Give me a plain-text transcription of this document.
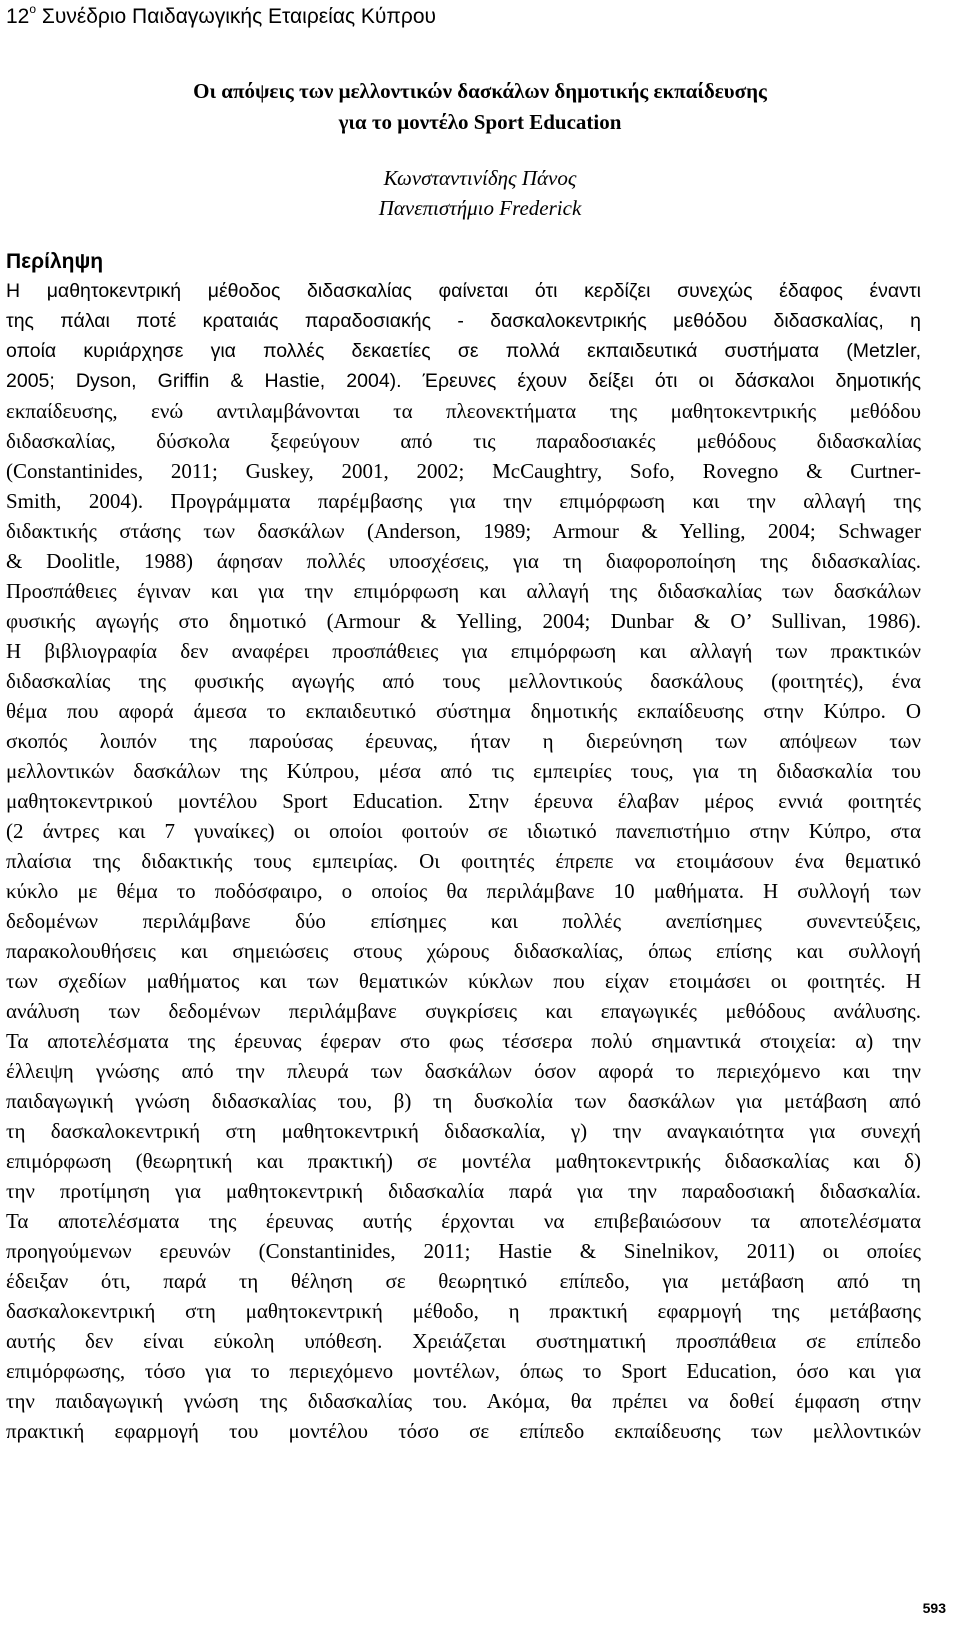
$12^o$ Συνέδριο Παιδαγωγικής Εταιρείας Κύπρου
Οι απόψεις των μελλοντικών δασκάλων δημοτικής εκπαίδευσης
για το μοντέλο Sport Education
Κωνσταντινίδης Πάνος
Πανεπιστήμιο Frederick
Περίληψη
Η μαθητοκεντρική μέθοδος διδασκαλίας φαίνεται ότι κερδίζει συνεχώς έδαφος έναντι
της πάλαι ποτέ κραταιάς παραδοσιακής - δασκαλοκεντρικής μεθόδου διδασκαλίας, η
οποία κυριάρχησε για πολλές δεκαετίες σε πολλά εκπαιδευτικά συστήματα (Metzler,
2005; Dyson, Griffin & Hastie, 2004). Έρευνες έχουν δείξει ότι οι δάσκαλοι δημοτικής
εκπαίδευσης, ενώ αντιλαμβάνονται τα πλεονεκτήματα της μαθητοκεντρικής μεθόδου
διδασκαλίας, δύσκολα ξεφεύγουν από τις παραδοσιακές μεθόδους διδασκαλίας
(Constantinides, 2011; Guskey, 2001, 2002; McCaughtry, Sofo, Rovegno & Curtner-
Smith, 2004). Προγράμματα παρέμβασης για την επιμόρφωση και την αλλαγή της
διδακτικής στάσης των δασκάλων (Anderson, 1989; Armour & Yelling, 2004; Schwager
& Doolitle, 1988) άφησαν πολλές υποσχέσεις, για τη διαφοροποίηση της διδασκαλίας.
Προσπάθειες έγιναν και για την επιμόρφωση και αλλαγή της διδασκαλίας των δασκάλων
φυσικής αγωγής στο δημοτικό (Armour & Yelling, 2004; Dunbar & O’ Sullivan, 1986).
Η βιβλιογραφία δεν αναφέρει προσπάθειες για επιμόρφωση και αλλαγή των πρακτικών
διδασκαλίας της φυσικής αγωγής από τους μελλοντικούς δασκάλους (φοιτητές), ένα
θέμα που αφορά άμεσα το εκπαιδευτικό σύστημα δημοτικής εκπαίδευσης στην Κύπρο. Ο
σκοπός λοιπόν της παρούσας έρευνας, ήταν η διερεύνηση των απόψεων των
μελλοντικών δασκάλων της Κύπρου, μέσα από τις εμπειρίες τους, για τη διδασκαλία του
μαθητοκεντρικού μοντέλου Sport Education. Στην έρευνα έλαβαν μέρος εννιά φοιτητές
(2 άντρες και 7 γυναίκες) οι οποίοι φοιτούν σε ιδιωτικό πανεπιστήμιο στην Κύπρο, στα
πλαίσια της διδακτικής τους εμπειρίας. Οι φοιτητές έπρεπε να ετοιμάσουν ένα θεματικό
κύκλο με θέμα το ποδόσφαιρο, ο οποίος θα περιλάμβανε 10 μαθήματα. Η συλλογή των
δεδομένων περιλάμβανε δύο επίσημες και πολλές ανεπίσημες συνεντεύξεις,
παρακολουθήσεις και σημειώσεις στους χώρους διδασκαλίας, όπως επίσης και συλλογή
των σχεδίων μαθήματος και των θεματικών κύκλων που είχαν ετοιμάσει οι φοιτητές. Η
ανάλυση των δεδομένων περιλάμβανε συγκρίσεις και επαγωγικές μεθόδους ανάλυσης.
Τα αποτελέσματα της έρευνας έφεραν στο φως τέσσερα πολύ σημαντικά στοιχεία: α) την
έλλειψη γνώσης από την πλευρά των δασκάλων όσον αφορά το περιεχόμενο και την
παιδαγωγική γνώση διδασκαλίας του, β) τη δυσκολία των δασκάλων για μετάβαση από
τη δασκαλοκεντρική στη μαθητοκεντρική διδασκαλία, γ) την αναγκαιότητα για συνεχή
επιμόρφωση (θεωρητική και πρακτική) σε μοντέλα μαθητοκεντρικής διδασκαλίας και δ)
την προτίμηση για μαθητοκεντρική διδασκαλία παρά για την παραδοσιακή διδασκαλία.
Τα αποτελέσματα της έρευνας αυτής έρχονται να επιβεβαιώσουν τα αποτελέσματα
προηγούμενων ερευνών (Constantinides, 2011; Hastie & Sinelnikov, 2011) οι οποίες
έδειξαν ότι, παρά τη θέληση σε θεωρητικό επίπεδο, για μετάβαση από τη
δασκαλοκεντρική στη μαθητοκεντρική μέθοδο, η πρακτική εφαρμογή της μετάβασης
αυτής δεν είναι εύκολη υπόθεση. Χρειάζεται συστηματική προσπάθεια σε επίπεδο
επιμόρφωσης, τόσο για το περιεχόμενο μοντέλων, όπως το Sport Education, όσο και για
την παιδαγωγική γνώση της διδασκαλίας του. Ακόμα, θα πρέπει να δοθεί έμφαση στην
πρακτική εφαρμογή του μοντέλου τόσο σε επίπεδο εκπαίδευσης των μελλοντικών
593
